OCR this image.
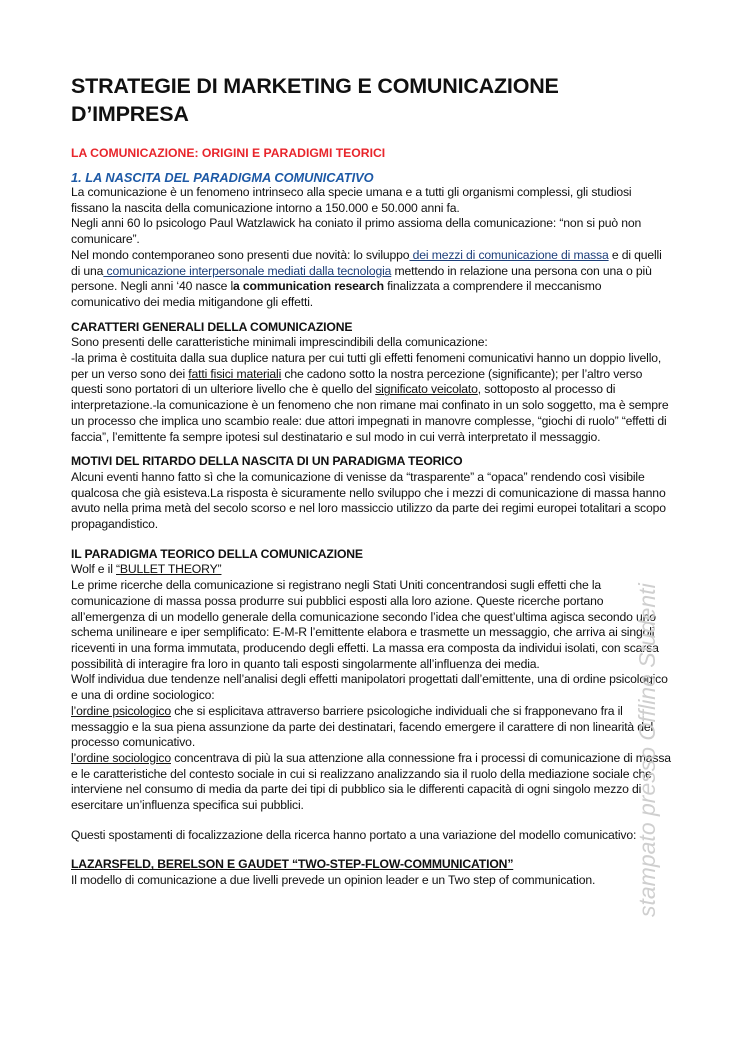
STRATEGIE DI MARKETING E COMUNICAZIONE
D’IMPRESA
LA COMUNICAZIONE: ORIGINI E PARADIGMI TEORICI
1. LA NASCITA DEL PARADIGMA COMUNICATIVO

La comunicazione è un fenomeno intrinseco alla specie umana e a tutti gli organismi complessi, gli studiosi fissano la nascita della comunicazione intorno a 150.000 e 50.000 anni fa.

Negli anni 60 lo psicologo Paul Watzlawick ha coniato il primo assioma della comunicazione: “non si può non comunicare”.

Nel mondo contemporaneo sono presenti due novità: lo sviluppo dei mezzi di comunicazione di massa e di quelli di una comunicazione interpersonale mediati dalla tecnologia mettendo in relazione una persona con una o più persone. Negli anni ‘40 nasce la communication research finalizzata a comprendere il meccanismo comunicativo dei media mitigandone gli effetti.

CARATTERI GENERALI DELLA COMUNICAZIONE

Sono presenti delle caratteristiche minimali imprescindibili della comunicazione:

-la prima è costituita dalla sua duplice natura per cui tutti gli effetti fenomeni comunicativi hanno un doppio livello, per un verso sono dei fatti fisici materiali che cadono sotto la nostra percezione (significante); per l’altro verso questi sono portatori di un ulteriore livello che è quello del significato veicolato, sottoposto al processo di interpretazione.-la comunicazione è un fenomeno che non rimane mai confinato in un solo soggetto, ma è sempre un processo che implica uno scambio reale: due attori impegnati in manovre complesse, “giochi di ruolo” “effetti di faccia”, l’emittente fa sempre ipotesi sul destinatario e sul modo in cui verrà interpretato il messaggio.

MOTIVI DEL RITARDO DELLA NASCITA DI UN PARADIGMA TEORICO

Alcuni eventi hanno fatto sì che la comunicazione di venisse da “trasparente” a “opaca” rendendo così visibile qualcosa che già esisteva.La risposta è sicuramente nello sviluppo che i mezzi di comunicazione di massa hanno avuto nella prima metà del secolo scorso e nel loro massiccio utilizzo da parte dei regimi europei totalitari a scopo propagandistico.

IL PARADIGMA TEORICO DELLA COMUNICAZIONE

Wolf e il “BULLET THEORY”

Le prime ricerche della comunicazione si registrano negli Stati Uniti concentrandosi sugli effetti che la comunicazione di massa possa produrre sui pubblici esposti alla loro azione. Queste ricerche portano all’emergenza di un modello generale della comunicazione secondo l’idea che quest’ultima agisca secondo uno schema unilineare e iper semplificato: E-M-R l’emittente elabora e trasmette un messaggio, che arriva ai singoli riceventi in una forma immutata, producendo degli effetti. La massa era composta da individui isolati, con scarsa possibilità di interagire fra loro in quanto tali esposti singolarmente all’influenza dei media.

Wolf individua due tendenze nell’analisi degli effetti manipolatori progettati dall’emittente, una di ordine psicologico e una di ordine sociologico:

l’ordine psicologico che si esplicitava attraverso barriere psicologiche individuali che si frapponevano fra il messaggio e la sua piena assunzione da parte dei destinatari, facendo emergere il carattere di non linearità del processo comunicativo.

l’ordine sociologico concentrava di più la sua attenzione alla connessione fra i processi di comunicazione di massa e le caratteristiche del contesto sociale in cui si realizzano analizzando sia il ruolo della mediazione sociale che interviene nel consumo di media da parte dei tipi di pubblico sia le differenti capacità di ogni singolo mezzo di esercitare un’influenza specifica sui pubblici.

Questi spostamenti di focalizzazione della ricerca hanno portato a una variazione del modello comunicativo:

LAZARSFELD, BERELSON E GAUDET “TWO-STEP-FLOW-COMMUNICATION”

Il modello di comunicazione a due livelli prevede un opinion leader e un Two step of communication.	stampato presso Offline Studenti
